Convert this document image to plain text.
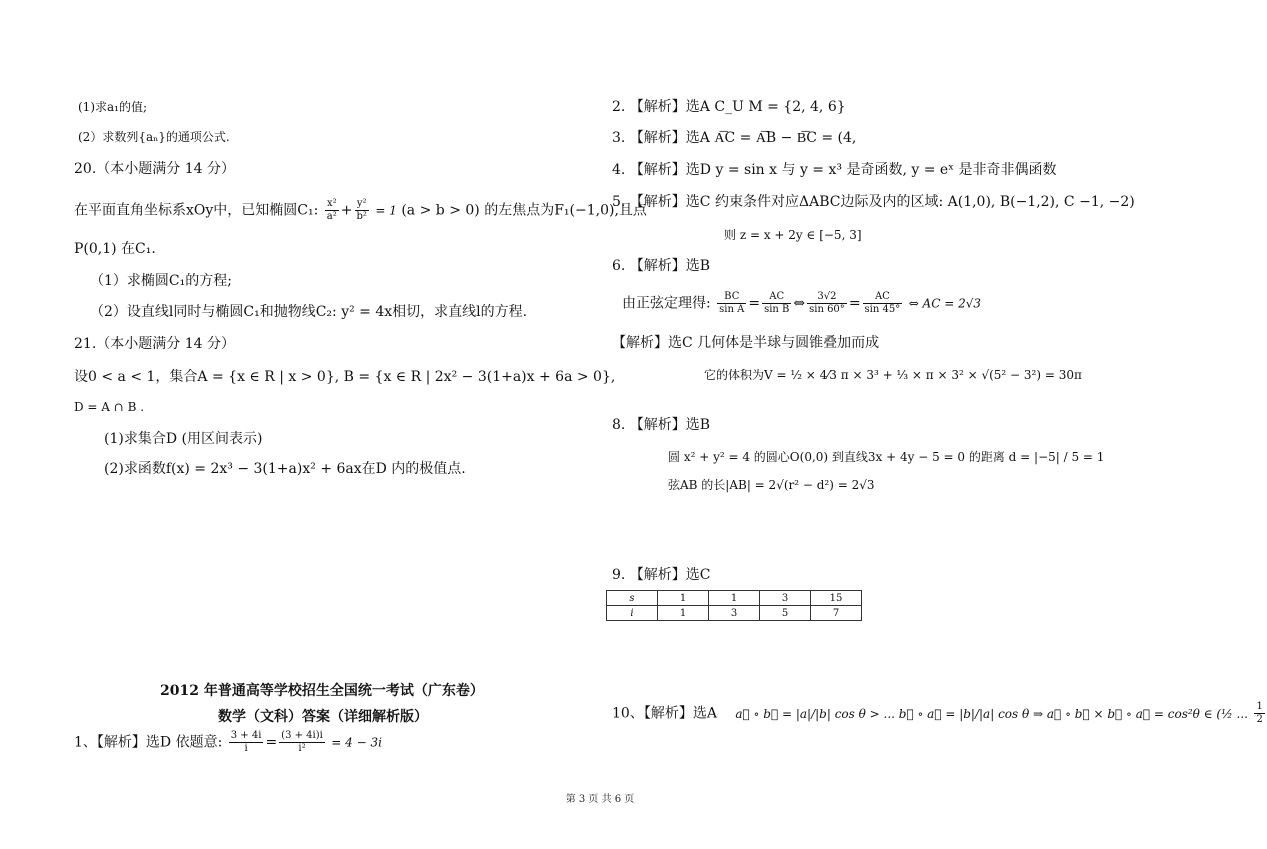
(1)求a₁的值;
(2）求数列{aₙ}的通项公式.
20.（本小题满分 14 分）
在平面直角坐标系xOy中，已知椭圆C₁: $\frac{\text{x²}}{\text{a²}} + \frac{\text{y²}}{\text{b²}} = 1$ (a > b > 0) 的左焦点为F₁(−1,0),且点
P(0,1) 在C₁.
（1）求椭圆C₁的方程;
（2）设直线l同时与椭圆C₁和抛物线C₂: y² = 4x相切，求直线l的方程.
21.（本小题满分 14 分）
设0 < a < 1，集合A = {x ∈ R | x > 0}, B = {x ∈ R | 2x² − 3(1+a)x + 6a > 0},
D = A ∩ B .
(1)求集合D (用区间表示)
(2)求函数f(x) = 2x³ − 3(1+a)x² + 6ax在D 内的极值点.
2012 年普通高等学校招生全国统一考试（广东卷）
数学（文科）答案（详细解析版）
1、【解析】选D 依题意: $\frac{3 + 4i}{i} = \frac{(3 + 4i)i}{\text{i²}} = 4 - 3i$
2. 【解析】选A C_U M = {2, 4, 6}
3. 【解析】选A A͞C = A͞B − B͞C = (4,
4. 【解析】选D y = sin x 与 y = x³ 是奇函数, y = eˣ 是非奇非偶函数
5. 【解析】选C 约束条件对应ΔABC边际及内的区域: A(1,0), B(−1,2), C −1, −2)
则 z = x + 2y ∈ [−5, 3]
6. 【解析】选B
由正弦定理得: $\frac{BC}{\text{sin A}} = \frac{AC}{\text{sin B}}$ ⇔ $\frac{3√2}{\sin 60^\circ} = \frac{AC}{\sin 45^\circ}$ ⇔ AC = 2√3
【解析】选C 几何体是半球与圆锥叠加而成
它的体积为V = ½ × 4⁄3 π × 3³ + ⅓ × π × 3² × √(5² − 3²) = 30π
8. 【解析】选B
圆 x² + y² = 4 的圆心O(0,0) 到直线3x + 4y − 5 = 0 的距离 d = |−5| / 5 = 1
弦AB 的长|AB| = 2√(r² − d²) = 2√3
9. 【解析】选C
s	1	1	3	15
i	1	3	5	7
10、【解析】选A a⃗ ∘ b⃗ = |a|/|b| cos θ > ... b⃗ ∘ a⃗ = |b|/|a| cos θ ⇒ a⃗ ∘ b⃗ × b⃗ ∘ a⃗ = cos²θ ∈ (½ ... $\frac{1}{2}$
第 3 页 共 6 页
